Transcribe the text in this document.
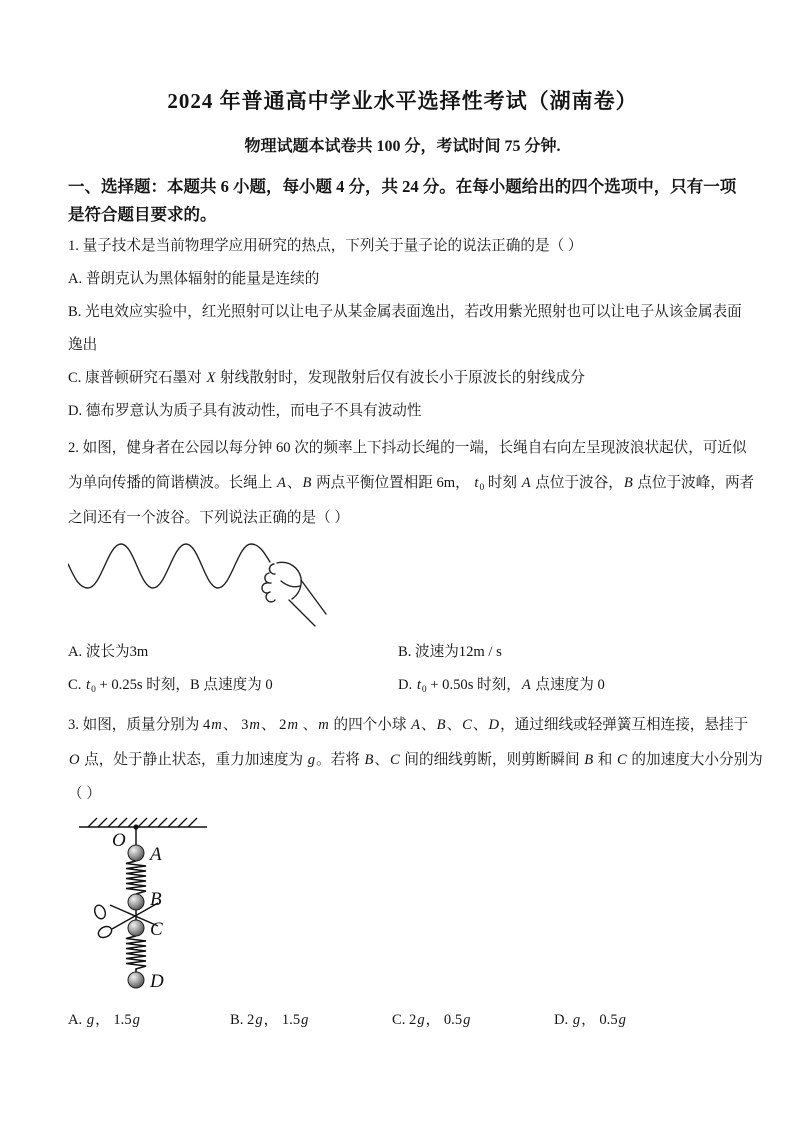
2024 年普通高中学业水平选择性考试（湖南卷）
物理试题本试卷共 100 分，考试时间 75 分钟.
一、选择题：本题共 6 小题，每小题 4 分，共 24 分。在每小题给出的四个选项中，只有一项
是符合题目要求的。
1. 量子技术是当前物理学应用研究的热点，下列关于量子论的说法正确的是（ ）
A. 普朗克认为黑体辐射的能量是连续的
B. 光电效应实验中，红光照射可以让电子从某金属表面逸出，若改用紫光照射也可以让电子从该金属表面
逸出
C. 康普顿研究石墨对 X 射线散射时，发现散射后仅有波长小于原波长的射线成分
D. 德布罗意认为质子具有波动性，而电子不具有波动性
2. 如图，健身者在公园以每分钟 60 次的频率上下抖动长绳的一端，长绳自右向左呈现波浪状起伏，可近似
为单向传播的简谐横波。长绳上 A、B 两点平衡位置相距 6m， $t_0$ 时刻 A 点位于波谷，B 点位于波峰，两者
之间还有一个波谷。下列说法正确的是（ ）
A. 波长为3m	B. 波速为12m / s
C. $t_0 + 0.25s$ 时刻，B 点速度为 0	D. $t_0 + 0.50s$ 时刻，A 点速度为 0
3. 如图，质量分别为 4m、 3m、 2m 、m 的四个小球 A、B、C、D，通过细线或轻弹簧互相连接，悬挂于
O 点，处于静止状态，重力加速度为 g。若将 B、C 间的细线剪断，则剪断瞬间 B 和 C 的加速度大小分别为
（ ）
O
A
B
C
D
A. g， 1.5g	B. 2g， 1.5g	C. 2g， 0.5g	D. g， 0.5g
